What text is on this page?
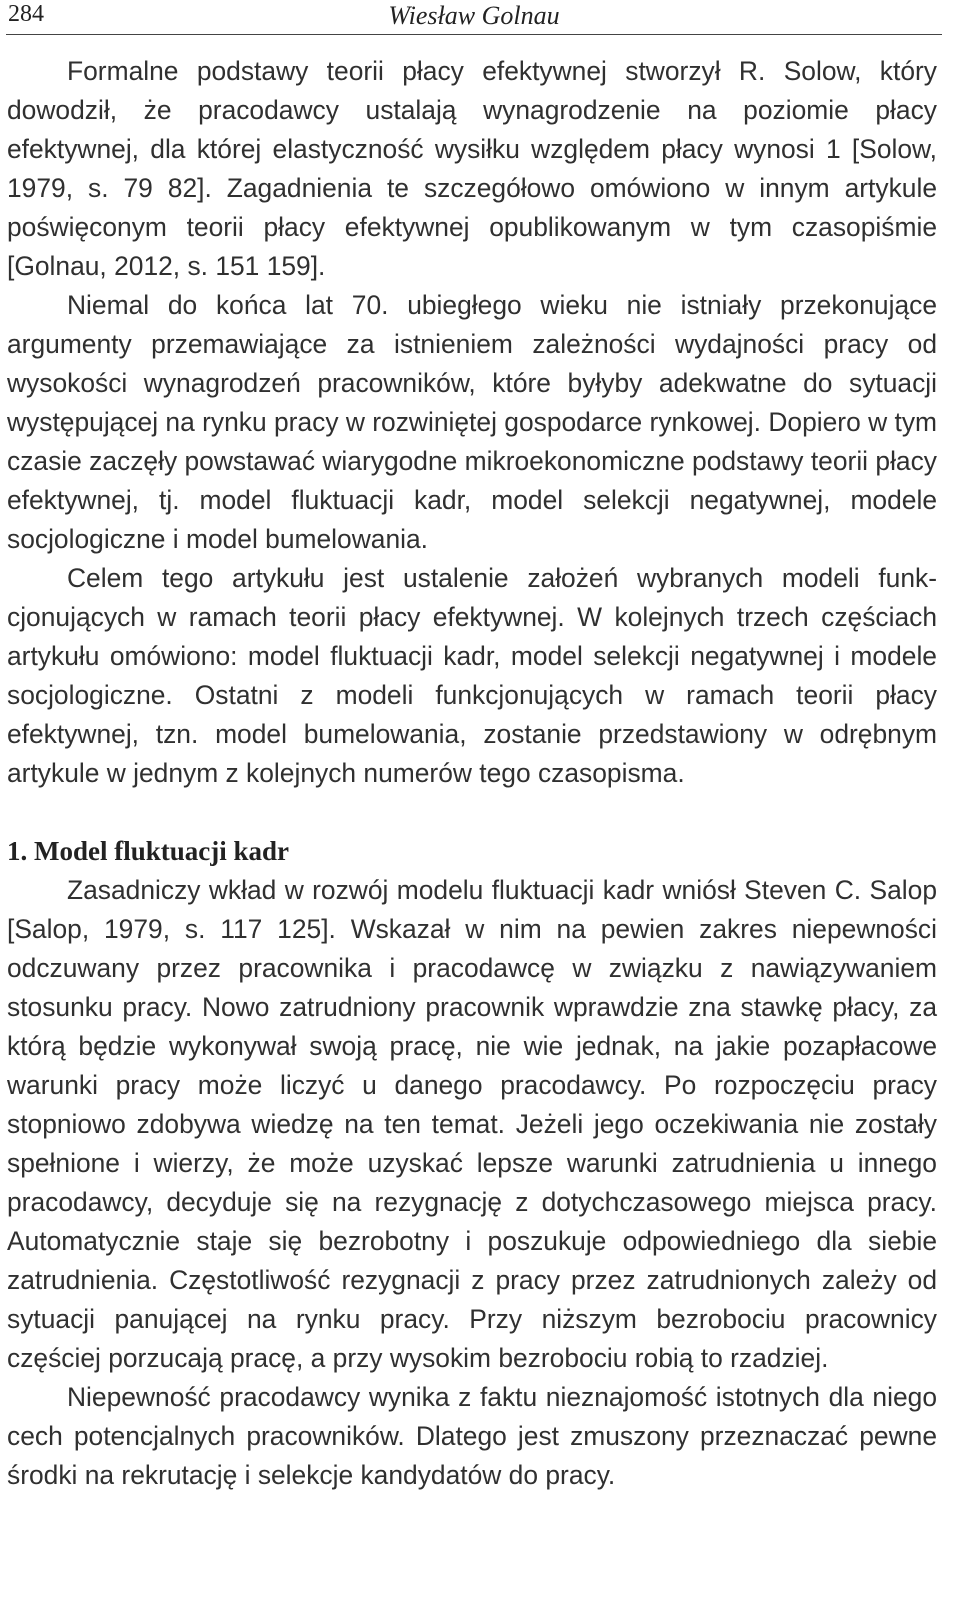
284	Wiesław Golnau

Formalne podstawy teorii płacy efektywnej stworzył R. Solow, który dowodził, że pracodawcy ustalają wynagrodzenie na poziomie płacy efektywnej, dla której elastyczność wysiłku względem płacy wynosi 1 [Solow, 1979, s. 79 82]. Zagadnienia te szczegółowo omówiono w innym artykule poświęconym teorii płacy efektywnej opublikowanym w tym czasopiśmie [Golnau, 2012, s. 151 159].

Niemal do końca lat 70. ubiegłego wieku nie istniały przekonujące argumenty przemawiające za istnieniem zależności wydajności pracy od wysokości wynagrodzeń pracowników, które byłyby adekwatne do sytuacji występującej na rynku pracy w rozwiniętej gospodarce rynkowej. Dopiero w tym czasie zaczęły powstawać wiarygodne mikroekonomiczne podstawy teorii płacy efektywnej, tj. model fluktuacji kadr, model selekcji negatywnej, modele socjologiczne i model bumelowania.

Celem tego artykułu jest ustalenie założeń wybranych modeli funkcjonujących w ramach teorii płacy efektywnej. W kolejnych trzech częściach artykułu omówiono: model fluktuacji kadr, model selekcji negatywnej i modele socjologiczne. Ostatni z modeli funkcjonujących w ramach teorii płacy efektywnej, tzn. model bumelowania, zostanie przedstawiony w odrębnym artykule w jednym z kolejnych numerów tego czasopisma.

1. Model fluktuacji kadr

Zasadniczy wkład w rozwój modelu fluktuacji kadr wniósł Steven C. Salop [Salop, 1979, s. 117 125]. Wskazał w nim na pewien zakres niepewności odczuwany przez pracownika i pracodawcę w związku z nawiązywaniem stosunku pracy. Nowo zatrudniony pracownik wprawdzie zna stawkę płacy, za którą będzie wykonywał swoją pracę, nie wie jednak, na jakie pozapłacowe warunki pracy może liczyć u danego pracodawcy. Po rozpoczęciu pracy stopniowo zdobywa wiedzę na ten temat. Jeżeli jego oczekiwania nie zostały spełnione i wierzy, że może uzyskać lepsze warunki zatrudnienia u innego pracodawcy, decyduje się na rezygnację z dotychczasowego miejsca pracy. Automatycznie staje się bezrobotny i poszukuje odpowiedniego dla siebie zatrudnienia. Częstotliwość rezygnacji z pracy przez zatrudnionych zależy od sytuacji panującej na rynku pracy. Przy niższym bezrobociu pracownicy częściej porzucają pracę, a przy wysokim bezrobociu robią to rzadziej.

Niepewność pracodawcy wynika z faktu nieznajomość istotnych dla niego cech potencjalnych pracowników. Dlatego jest zmuszony przeznaczać pewne środki na rekrutację i selekcje kandydatów do pracy.
